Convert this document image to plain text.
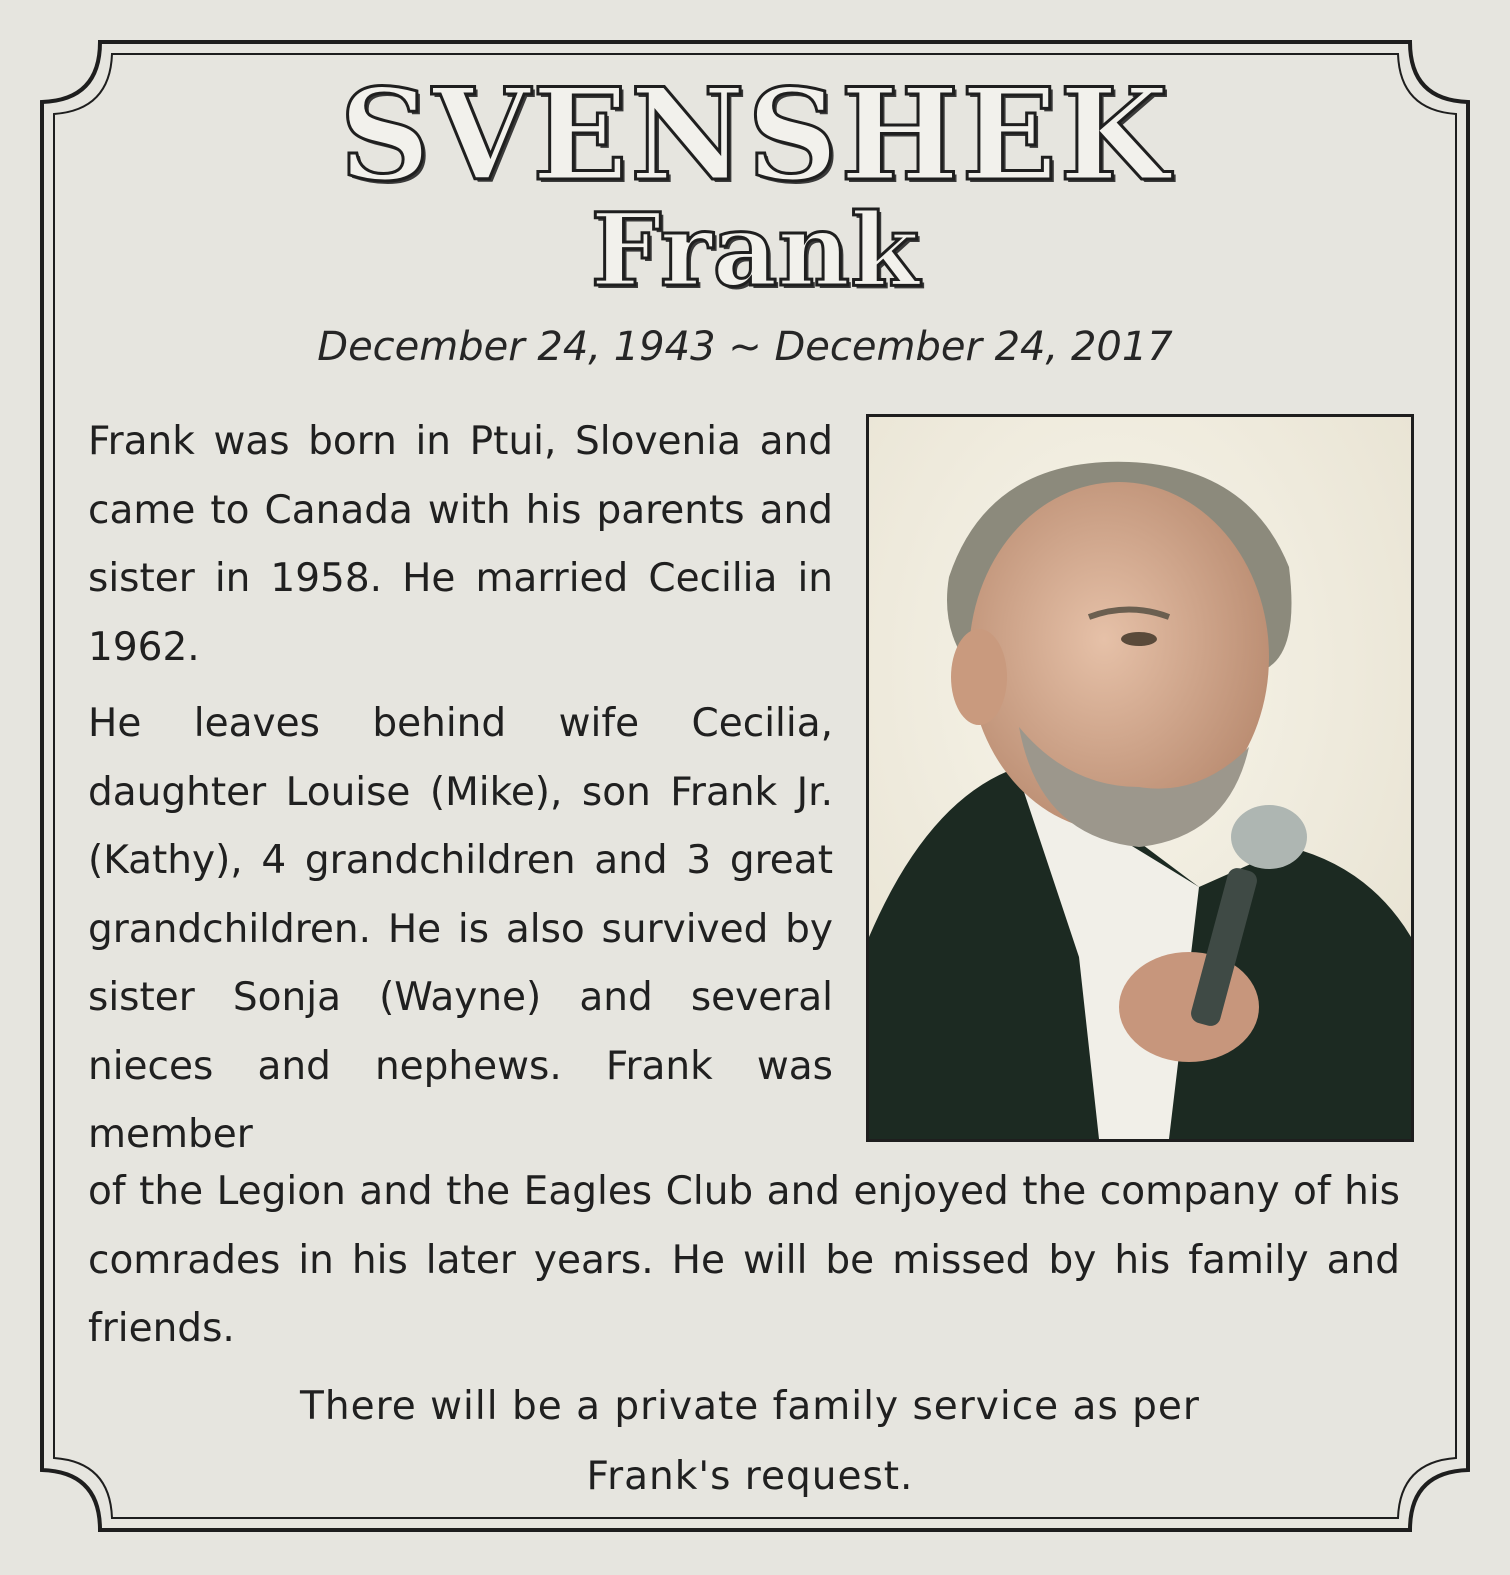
SVENSHEK
Frank
December 24, 1943 ~ December 24, 2017

Frank was born in Ptui, Slovenia and came to Canada with his parents and sister in 1958. He married Cecilia in 1962.

He leaves behind wife Cecilia, daughter Louise (Mike), son Frank Jr. (Kathy), 4 grandchildren and 3 great grandchildren. He is also survived by sister Sonja (Wayne) and several nieces and nephews. Frank was member

of the Legion and the Eagles Club and enjoyed the company of his comrades in his later years. He will be missed by his family and friends.
There will be a private family service as per
Frank's request.
